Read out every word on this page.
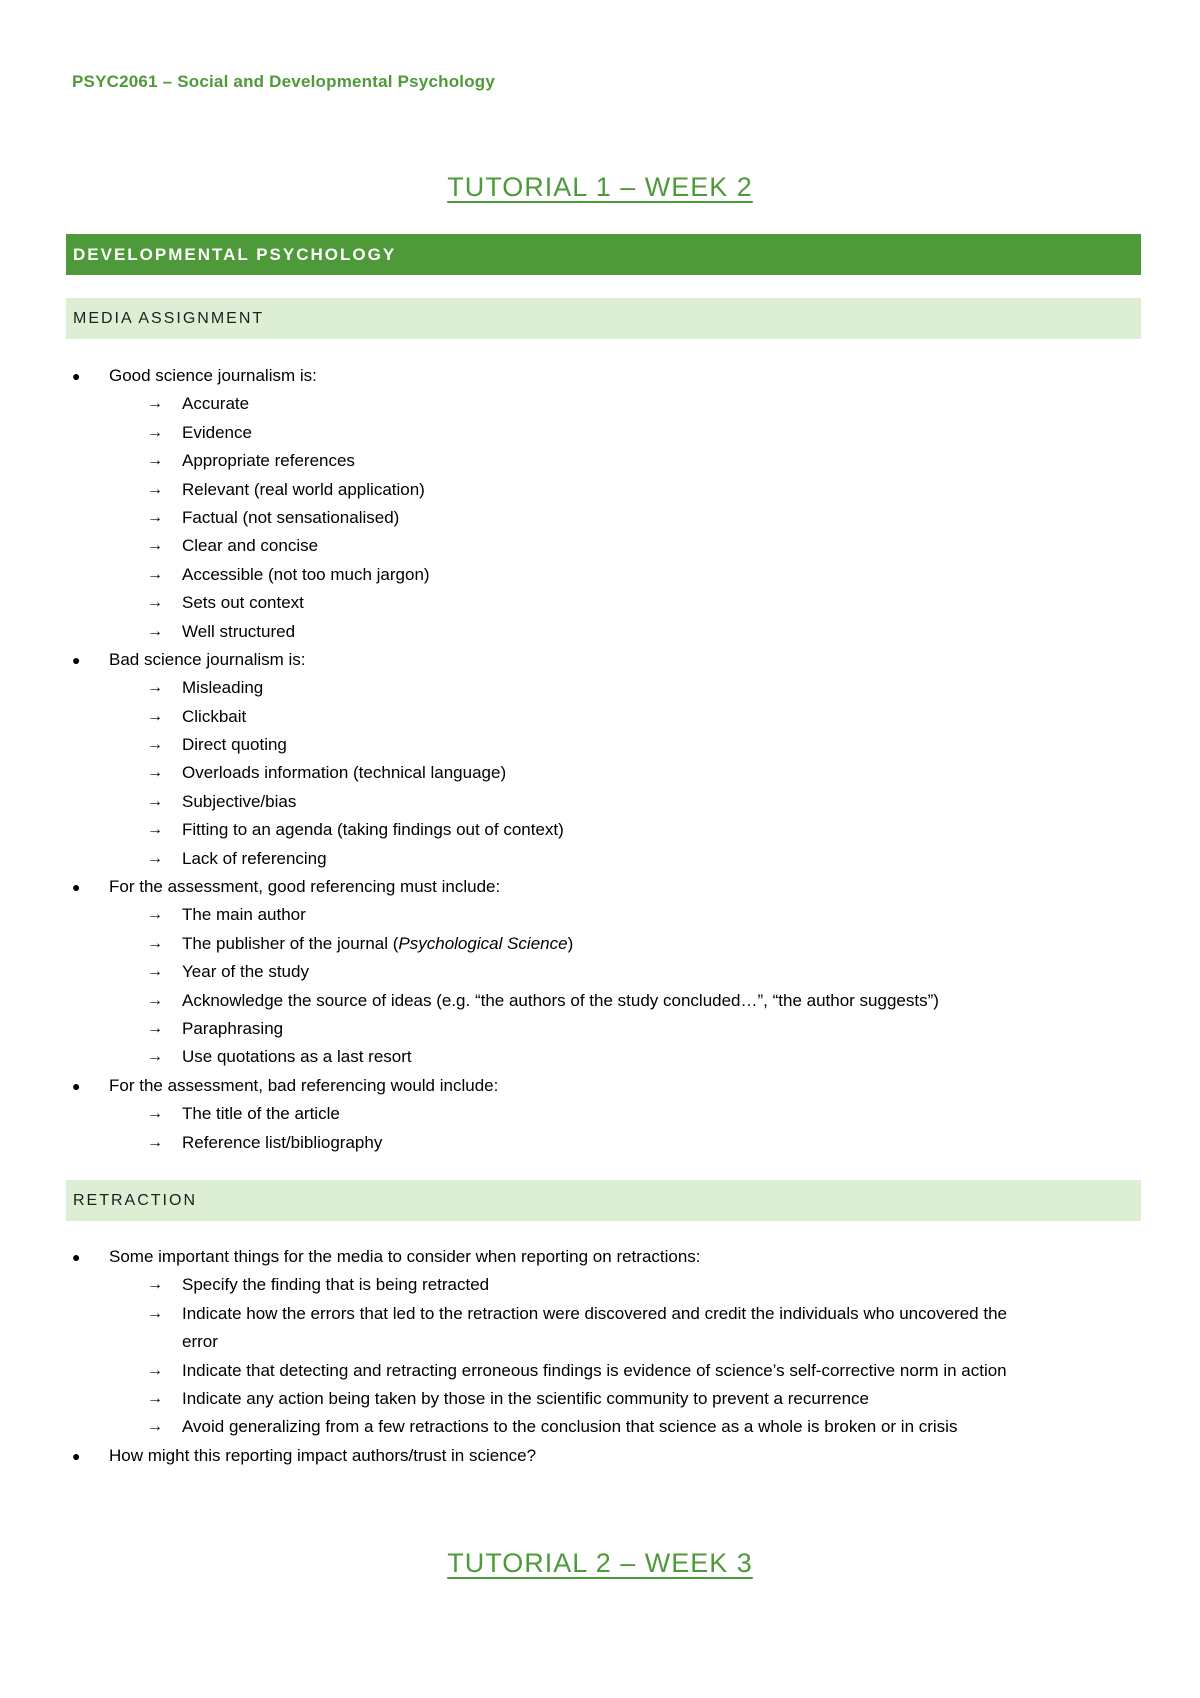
PSYC2061 – Social and Developmental Psychology
TUTORIAL 1 – WEEK 2
DEVELOPMENTAL PSYCHOLOGY
MEDIA ASSIGNMENT
● Good science journalism is:
→ Accurate
→ Evidence
→ Appropriate references
→ Relevant (real world application)
→ Factual (not sensationalised)
→ Clear and concise
→ Accessible (not too much jargon)
→ Sets out context
→ Well structured
● Bad science journalism is:
→ Misleading
→ Clickbait
→ Direct quoting
→ Overloads information (technical language)
→ Subjective/bias
→ Fitting to an agenda (taking findings out of context)
→ Lack of referencing
● For the assessment, good referencing must include:
→ The main author
→ The publisher of the journal (Psychological Science)
→ Year of the study
→ Acknowledge the source of ideas (e.g. “the authors of the study concluded…”, “the author suggests”)
→ Paraphrasing
→ Use quotations as a last resort
● For the assessment, bad referencing would include:
→ The title of the article
→ Reference list/bibliography
RETRACTION
● Some important things for the media to consider when reporting on retractions:
→ Specify the finding that is being retracted
→ Indicate how the errors that led to the retraction were discovered and credit the individuals who uncovered the
error
→ Indicate that detecting and retracting erroneous findings is evidence of science’s self-corrective norm in action
→ Indicate any action being taken by those in the scientific community to prevent a recurrence
→ Avoid generalizing from a few retractions to the conclusion that science as a whole is broken or in crisis
● How might this reporting impact authors/trust in science?
TUTORIAL 2 – WEEK 3
